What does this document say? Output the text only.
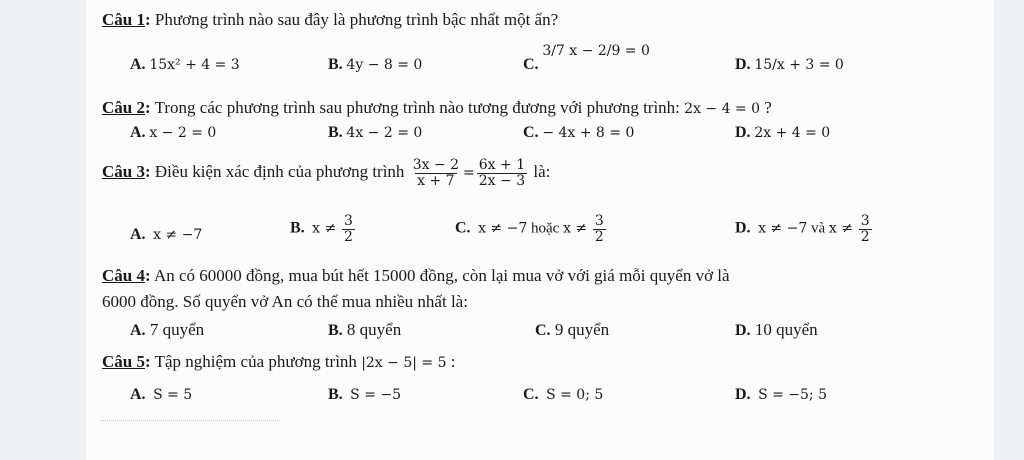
Câu 1: Phương trình nào sau đây là phương trình bậc nhất một ẩn?
A. 15x² + 4 = 3	B. 4y − 8 = 0	C. 3/7 x − 2/9 = 0
D. 15/x + 3 = 0
Câu 2: Trong các phương trình sau phương trình nào tương đương với phương trình: 2x − 4 = 0 ?
A. x − 2 = 0	B. 4x − 2 = 0	C. − 4x + 8 = 0	D. 2x + 4 = 0
Câu 3: Điều kiện xác định của phương trình $\frac{3x - 2}{x + 7} = \frac{6x + 1}{2x - 3}$ là:
A. x ≠ −7	B. $x \ne \frac{3}{2}$	C. x ≠ −7 hoặc $x \ne \frac{3}{2}$	D. x ≠ −7 và $x \ne \frac{3}{2}$
Câu 4: An có 60000 đồng, mua bút hết 15000 đồng, còn lại mua vở với giá mỗi quyển vở là
6000 đồng. Số quyển vở An có thể mua nhiều nhất là:
A. 7 quyển	B. 8 quyển	C. 9 quyển	D. 10 quyển
Câu 5: Tập nghiệm của phương trình |2x − 5| = 5 :
A. S = 5	B. S = −5	C. S = 0; 5	D. S = −5; 5
